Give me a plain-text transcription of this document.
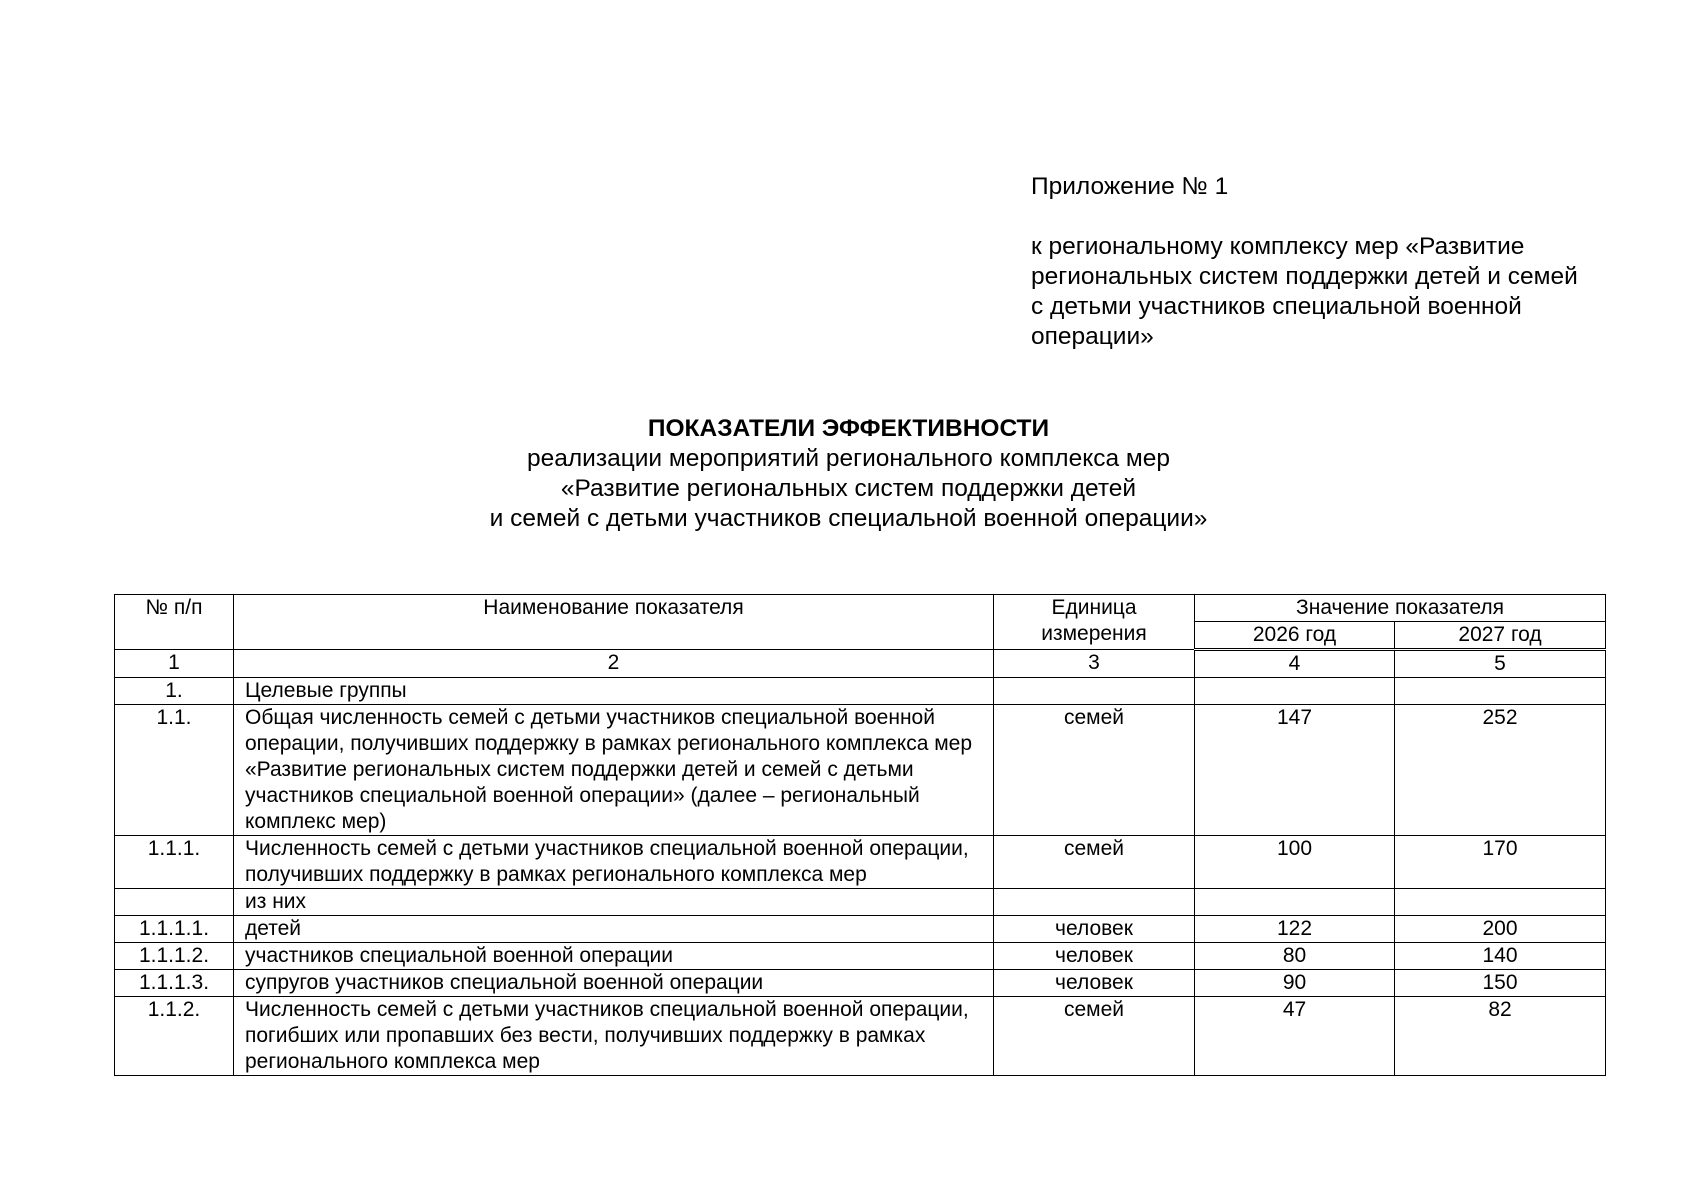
Приложение № 1

к региональному комплексу мер «Развитие региональных систем поддержки детей и семей с детьми участников специальной военной операции»

ПОКАЗАТЕЛИ ЭФФЕКТИВНОСТИ
реализации мероприятий регионального комплекса мер
«Развитие региональных систем поддержки детей
и семей с детьми участников специальной военной операции»
№ п/п	Наименование показателя	Единица измерения	Значение показателя	
			2026 год	2027 год
1	2	3	4	5
1.	Целевые группы			
1.1.	Общая численность семей с детьми участников специальной военной операции, получивших поддержку в рамках регионального комплекса мер «Развитие региональных систем поддержки детей и семей с детьми участников специальной военной операции» (далее – региональный комплекс мер)	семей	147	252
1.1.1.	Численность семей с детьми участников специальной военной операции, получивших поддержку в рамках регионального комплекса мер	семей	100	170
	из них			
1.1.1.1.	детей	человек	122	200
1.1.1.2.	участников специальной военной операции	человек	80	140
1.1.1.3.	супругов участников специальной военной операции	человек	90	150
1.1.2.	Численность семей с детьми участников специальной военной операции, погибших или пропавших без вести, получивших поддержку в рамках регионального комплекса мер	семей	47	82
